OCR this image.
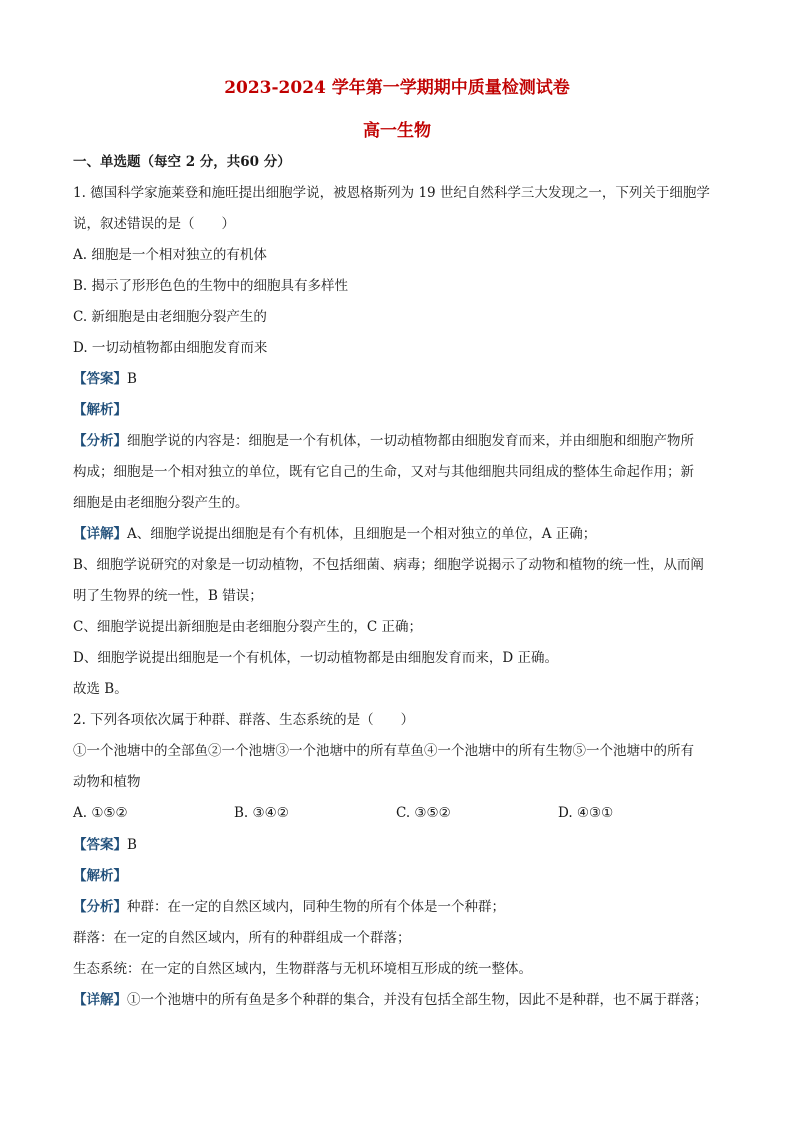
2023-2024 学年第一学期期中质量检测试卷
高一生物
一、单选题（每空 2 分，共60 分）
1. 德国科学家施莱登和施旺提出细胞学说，被恩格斯列为 19 世纪自然科学三大发现之一，下列关于细胞学
说，叙述错误的是（　　）
A. 细胞是一个相对独立的有机体
B. 揭示了形形色色的生物中的细胞具有多样性
C. 新细胞是由老细胞分裂产生的
D. 一切动植物都由细胞发育而来
【答案】B
【解析】
【分析】细胞学说的内容是：细胞是一个有机体，一切动植物都由细胞发育而来，并由细胞和细胞产物所
构成；细胞是一个相对独立的单位，既有它自己的生命，又对与其他细胞共同组成的整体生命起作用；新
细胞是由老细胞分裂产生的。
【详解】A、细胞学说提出细胞是有个有机体，且细胞是一个相对独立的单位，A 正确；
B、细胞学说研究的对象是一切动植物，不包括细菌、病毒；细胞学说揭示了动物和植物的统一性，从而阐
明了生物界的统一性，B 错误；
C、细胞学说提出新细胞是由老细胞分裂产生的，C 正确；
D、细胞学说提出细胞是一个有机体，一切动植物都是由细胞发育而来，D 正确。
故选 B。
2. 下列各项依次属于种群、群落、生态系统的是（　　）
①一个池塘中的全部鱼②一个池塘③一个池塘中的所有草鱼④一个池塘中的所有生物⑤一个池塘中的所有
动物和植物
A. ①⑤②	B. ③④②	C. ③⑤②	D. ④③①
【答案】B
【解析】
【分析】种群：在一定的自然区域内，同种生物的所有个体是一个种群；
群落：在一定的自然区域内，所有的种群组成一个群落；
生态系统：在一定的自然区域内，生物群落与无机环境相互形成的统一整体。
【详解】①一个池塘中的所有鱼是多个种群的集合，并没有包括全部生物，因此不是种群，也不属于群落；
